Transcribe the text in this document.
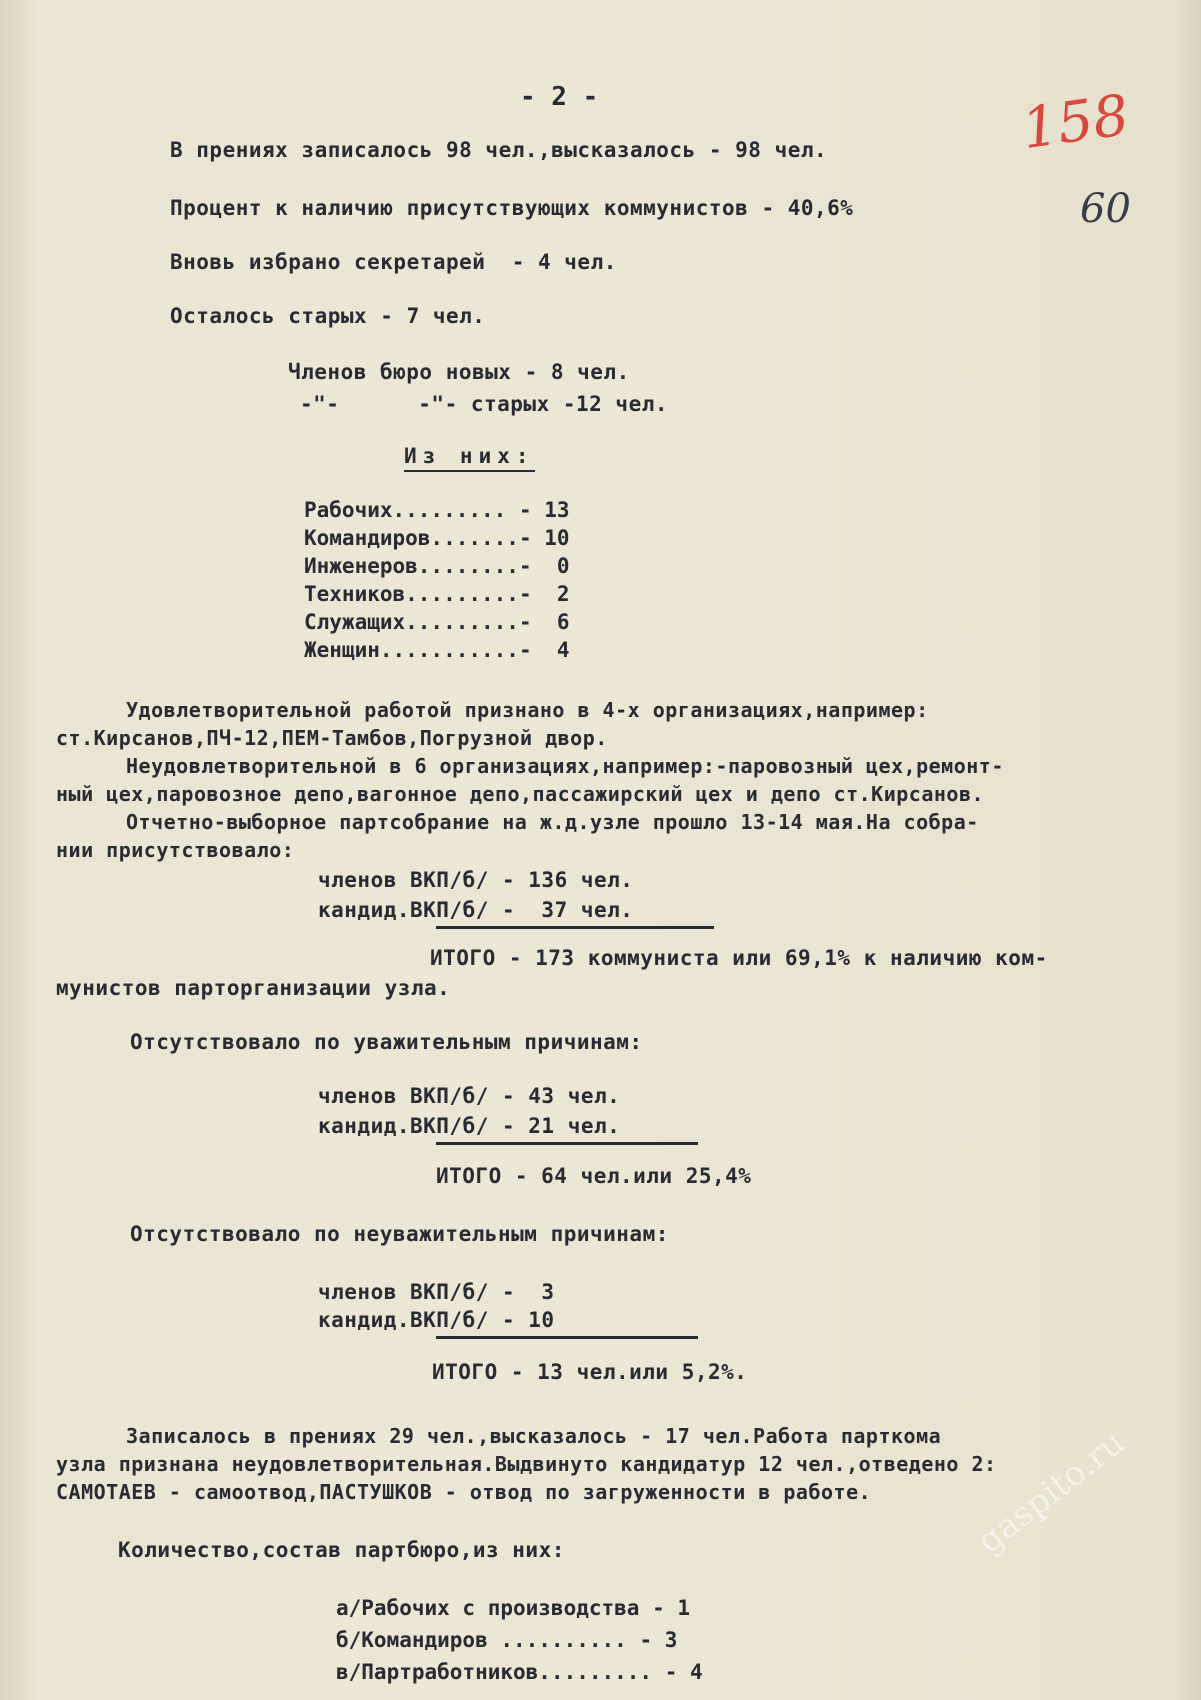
- 2 -	158
60
В прениях записалось 98 чел.,высказалось - 98 чел.
Процент к наличию присутствующих коммунистов - 40,6%
Вновь избрано секретарей  - 4 чел.
Осталось старых - 7 чел.
Членов бюро новых - 8 чел.
-"-      -"- старых -12 чел.
Из них:
Рабочих......... - 13
Командиров.......- 10
Инженеров........-  0
Техников.........-  2
Служащих.........-  6
Женщин...........-  4
Удовлетворительной работой признано в 4-х организациях,например:
ст.Кирсанов,ПЧ-12,ПЕМ-Тамбов,Погрузной двор.
Неудовлетворительной в 6 организациях,например:-паровозный цех,ремонт-
ный цех,паровозное депо,вагонное депо,пассажирский цех и депо ст.Кирсанов.
Отчетно-выборное партсобрание на ж.д.узле прошло 13-14 мая.На собра-
нии присутствовало:
членов ВКП/б/ - 136 чел.
кандид.ВКП/б/ -  37 чел.
ИТОГО - 173 коммуниста или 69,1% к наличию ком-
мунистов парторганизации узла.
Отсутствовало по уважительным причинам:
членов ВКП/б/ - 43 чел.
кандид.ВКП/б/ - 21 чел.
ИТОГО - 64 чел.или 25,4%
Отсутствовало по неуважительным причинам:
членов ВКП/б/ -  3
кандид.ВКП/б/ - 10
ИТОГО - 13 чел.или 5,2%.
Записалось в прениях 29 чел.,высказалось - 17 чел.Работа парткома
узла признана неудовлетворительная.Выдвинуто кандидатур 12 чел.,отведено 2:
САМОТАЕВ - самоотвод,ПАСТУШКОВ - отвод по загруженности в работе.
Количество,состав партбюро,из них:
а/Рабочих с производства - 1
б/Командиров .......... - 3
в/Партработников......... - 4
gaspito.ru
